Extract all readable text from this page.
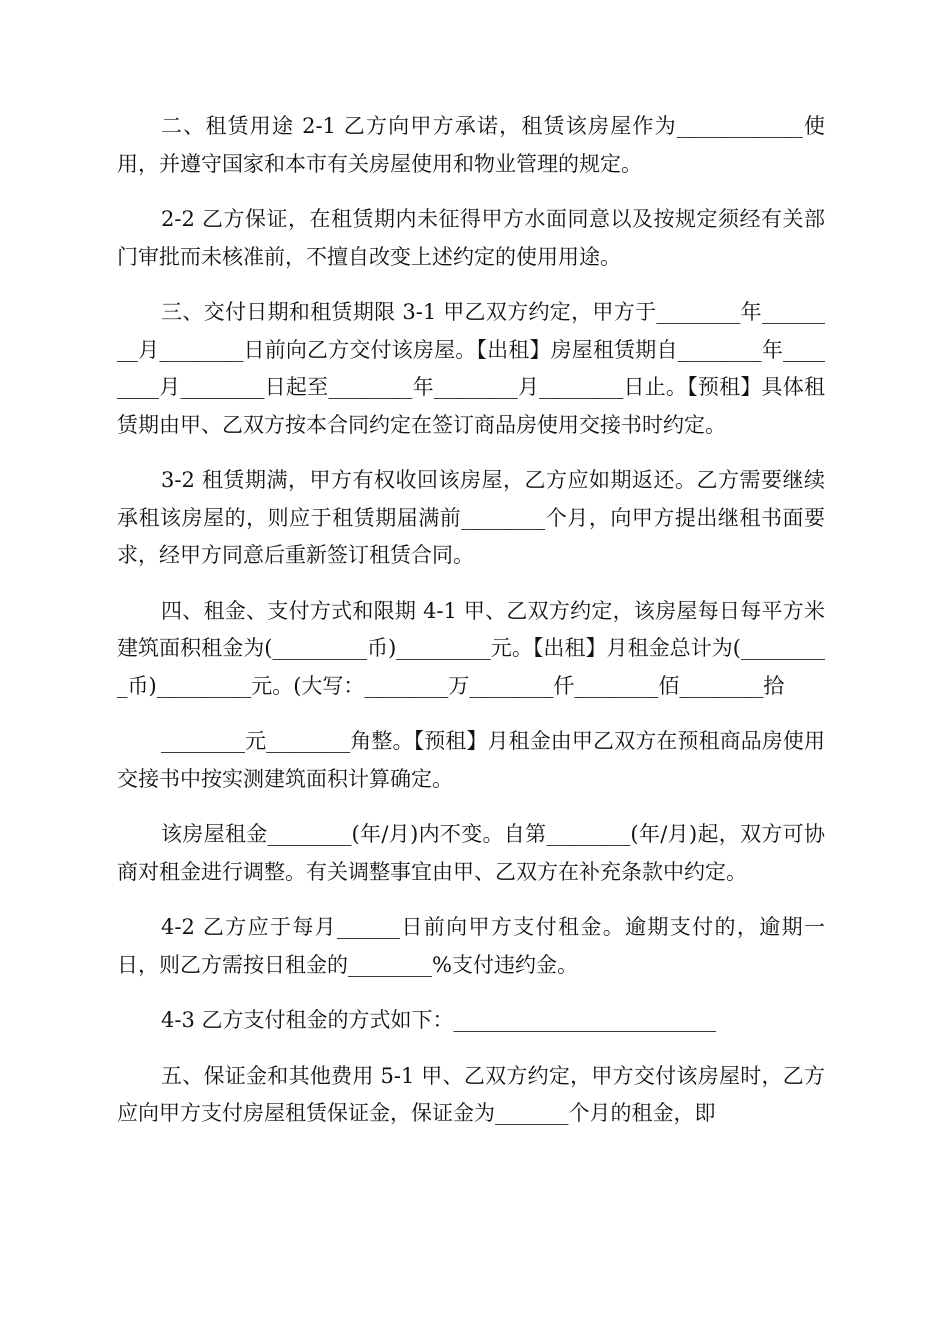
二、租赁用途 2-1 乙方向甲方承诺，租赁该房屋作为____________使用，并遵守国家和本市有关房屋使用和物业管理的规定。

2-2 乙方保证，在租赁期内未征得甲方水面同意以及按规定须经有关部门审批而未核准前，不擅自改变上述约定的使用用途。

三、交付日期和租赁期限 3-1 甲乙双方约定，甲方于________年________月________日前向乙方交付该房屋。【出租】房屋租赁期自________年________月________日起至________年________月________日止。【预租】具体租赁期由甲、乙双方按本合同约定在签订商品房使用交接书时约定。

3-2 租赁期满，甲方有权收回该房屋，乙方应如期返还。乙方需要继续承租该房屋的，则应于租赁期届满前________个月，向甲方提出继租书面要求，经甲方同意后重新签订租赁合同。

四、租金、支付方式和限期 4-1 甲、乙双方约定，该房屋每日每平方米建筑面积租金为(_________币)_________元。【出租】月租金总计为(_________币)_________元。(大写：________万________仟________佰________拾

________元________角整。【预租】月租金由甲乙双方在预租商品房使用交接书中按实测建筑面积计算确定。

该房屋租金________(年/月)内不变。自第________(年/月)起，双方可协商对租金进行调整。有关调整事宜由甲、乙双方在补充条款中约定。

4-2 乙方应于每月______日前向甲方支付租金。逾期支付的，逾期一日，则乙方需按日租金的________%支付违约金。

4-3 乙方支付租金的方式如下：_________________________

五、保证金和其他费用 5-1 甲、乙双方约定，甲方交付该房屋时，乙方应向甲方支付房屋租赁保证金，保证金为_______个月的租金，即
